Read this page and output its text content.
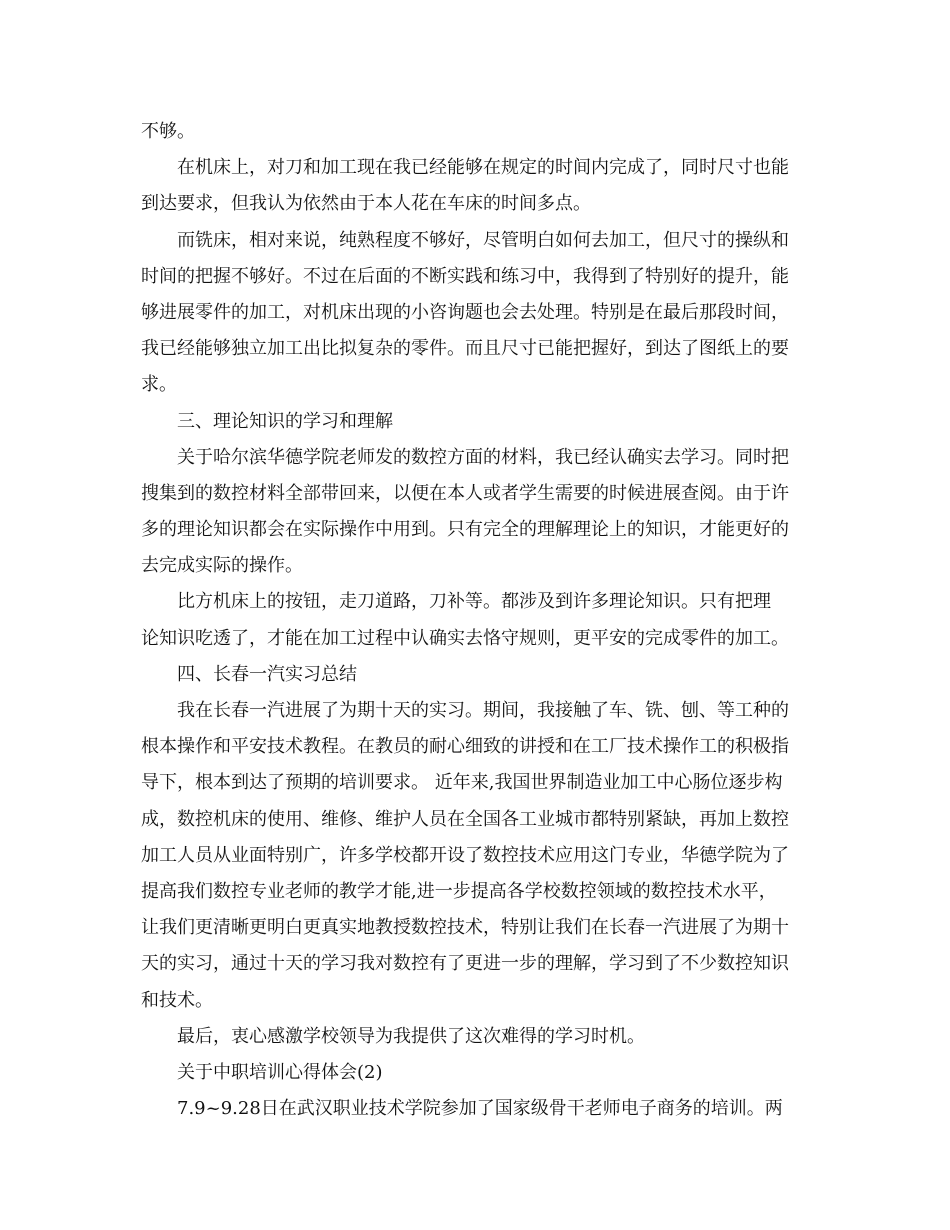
不够。
在机床上，对刀和加工现在我已经能够在规定的时间内完成了，同时尺寸也能
到达要求，但我认为依然由于本人花在车床的时间多点。
而铣床，相对来说，纯熟程度不够好，尽管明白如何去加工，但尺寸的操纵和
时间的把握不够好。不过在后面的不断实践和练习中，我得到了特别好的提升，能
够进展零件的加工，对机床出现的小咨询题也会去处理。特别是在最后那段时间，
我已经能够独立加工出比拟复杂的零件。而且尺寸已能把握好，到达了图纸上的要
求。
三、理论知识的学习和理解
关于哈尔滨华德学院老师发的数控方面的材料，我已经认确实去学习。同时把
搜集到的数控材料全部带回来，以便在本人或者学生需要的时候进展查阅。由于许
多的理论知识都会在实际操作中用到。只有完全的理解理论上的知识，才能更好的
去完成实际的操作。
比方机床上的按钮，走刀道路，刀补等。都涉及到许多理论知识。只有把理
论知识吃透了，才能在加工过程中认确实去恪守规则，更平安的完成零件的加工。
四、长春一汽实习总结
我在长春一汽进展了为期十天的实习。期间，我接触了车、铣、刨、等工种的
根本操作和平安技术教程。在教员的耐心细致的讲授和在工厂技术操作工的积极指
导下，根本到达了预期的培训要求。 近年来,我国世界制造业加工中心肠位逐步构
成，数控机床的使用、维修、维护人员在全国各工业城市都特别紧缺，再加上数控
加工人员从业面特别广，许多学校都开设了数控技术应用这门专业，华德学院为了
提高我们数控专业老师的教学才能,进一步提高各学校数控领域的数控技术水平，
让我们更清晰更明白更真实地教授数控技术，特别让我们在长春一汽进展了为期十
天的实习，通过十天的学习我对数控有了更进一步的理解，学习到了不少数控知识
和技术。
最后，衷心感激学校领导为我提供了这次难得的学习时机。
关于中职培训心得体会(2)
7.9~9.28日在武汉职业技术学院参加了国家级骨干老师电子商务的培训。两
